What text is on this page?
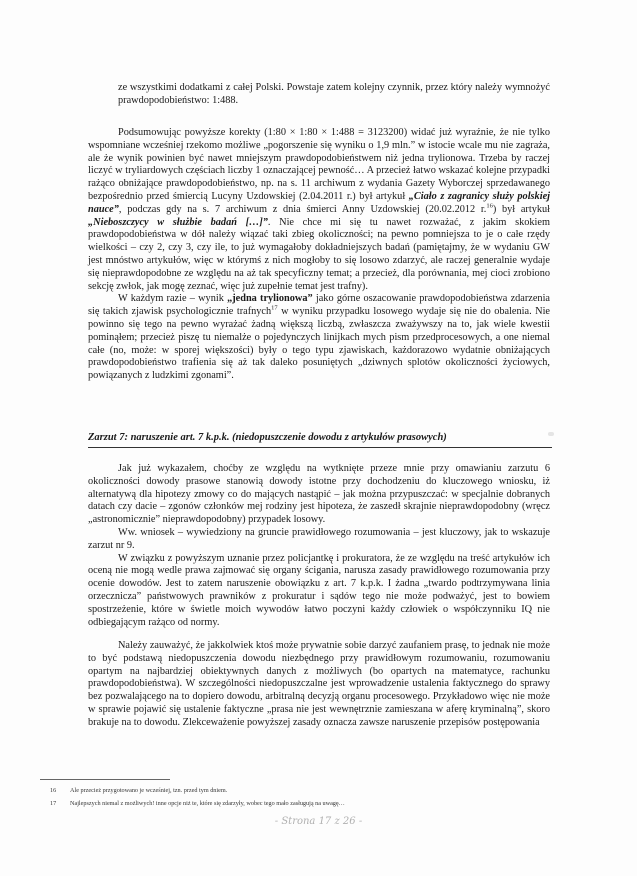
ze wszystkimi dodatkami z całej Polski. Powstaje zatem kolejny czynnik, przez który należy wymnożyć prawdopodobieństwo: 1:488.

Podsumowując powyższe korekty (1:80 × 1:80 × 1:488 = 3123200) widać już wyraźnie, że nie tylko wspomniane wcześniej rzekomo możliwe „pogorszenie się wyniku o 1,9 mln.” w istocie wcale mu nie zagraża, ale że wynik powinien być nawet mniejszym prawdopodobieństwem niż jedna trylionowa. Trzeba by raczej liczyć w tryliardowych częściach liczby 1 oznaczającej pewność… A przecież łatwo wskazać kolejne przypadki rażąco obniżające prawdopodobieństwo, np. na s. 11 archiwum z wydania Gazety Wyborczej sprzedawanego bezpośrednio przed śmiercią Lucyny Uzdowskiej (2.04.2011 r.) był artykuł „Ciało z zagranicy służy polskiej nauce”, podczas gdy na s. 7 archiwum z dnia śmierci Anny Uzdowskiej (20.02.2012 r.$^{16}$) był artykuł „Nieboszczycy w służbie badań […]”. Nie chce mi się tu nawet rozważać, z jakim skokiem prawdopodobieństwa w dół należy wiązać taki zbieg okoliczności; na pewno pomniejsza to je o całe rzędy wielkości – czy 2, czy 3, czy ile, to już wymagałoby dokładniejszych badań (pamiętajmy, że w wydaniu GW jest mnóstwo artykułów, więc w którymś z nich mogłoby to się losowo zdarzyć, ale raczej generalnie wydaje się nieprawdopodobne ze względu na aż tak specyficzny temat; a przecież, dla porównania, mej cioci zrobiono sekcję zwłok, jak mogę zeznać, więc już zupełnie temat jest trafny).

W każdym razie – wynik „jedna trylionowa” jako górne oszacowanie prawdopodobieństwa zdarzenia się takich zjawisk psychologicznie trafnych$^{17}$ w wyniku przypadku losowego wydaje się nie do obalenia. Nie powinno się tego na pewno wyrażać żadną większą liczbą, zwłaszcza zważywszy na to, jak wiele kwestii pominąłem; przecież piszę tu niemalże o pojedynczych linijkach mych pism przedprocesowych, a one niemal całe (no, może: w sporej większości) były o tego typu zjawiskach, każdorazowo wydatnie obniżających prawdopodobieństwo trafienia się aż tak daleko posuniętych „dziwnych splotów okoliczności życiowych, powiązanych z ludzkimi zgonami”.

Zarzut 7: naruszenie art. 7 k.p.k. (niedopuszczenie dowodu z artykułów prasowych)

Jak już wykazałem, choćby ze względu na wytknięte przeze mnie przy omawianiu zarzutu 6 okoliczności dowody prasowe stanowią dowody istotne przy dochodzeniu do kluczowego wniosku, iż alternatywą dla hipotezy zmowy co do mających nastąpić – jak można przypuszczać: w specjalnie dobranych datach czy dacie – zgonów członków mej rodziny jest hipoteza, że zaszedł skrajnie nieprawdopodobny (wręcz „astronomicznie” nieprawdopodobny) przypadek losowy.

Ww. wniosek – wywiedziony na gruncie prawidłowego rozumowania – jest kluczowy, jak to wskazuje zarzut nr 9.

W związku z powyższym uznanie przez policjantkę i prokuratora, że ze względu na treść artykułów ich oceną nie mogą wedle prawa zajmować się organy ścigania, narusza zasady prawidłowego rozumowania przy ocenie dowodów. Jest to zatem naruszenie obowiązku z art. 7 k.p.k. I żadna „twardo podtrzymywana linia orzecznicza” państwowych prawników z prokuratur i sądów tego nie może podważyć, jest to bowiem spostrzeżenie, które w świetle moich wywodów łatwo poczyni każdy człowiek o współczynniku IQ nie odbiegającym rażąco od normy.

Należy zauważyć, że jakkolwiek ktoś może prywatnie sobie darzyć zaufaniem prasę, to jednak nie może to być podstawą niedopuszczenia dowodu niezbędnego przy prawidłowym rozumowaniu, rozumowaniu opartym na najbardziej obiektywnych danych z możliwych (bo opartych na matematyce, rachunku prawdopodobieństwa). W szczególności niedopuszczalne jest wprowadzenie ustalenia faktycznego do sprawy bez pozwalającego na to dopiero dowodu, arbitralną decyzją organu procesowego. Przykładowo więc nie może w sprawie pojawić się ustalenie faktyczne „prasa nie jest wewnętrznie zamieszana w aferę kryminalną”, skoro brakuje na to dowodu. Zlekceważenie powyższej zasady oznacza zawsze naruszenie przepisów postępowania

16 Ale przecież przygotowano je wcześniej, tzn. przed tym dniem.
17 Najlepszych niemal z możliwych! inne opcje niż te, które się zdarzyły, wobec tego mało zasługują na uwagę…
- Strona 17 z 26 -
